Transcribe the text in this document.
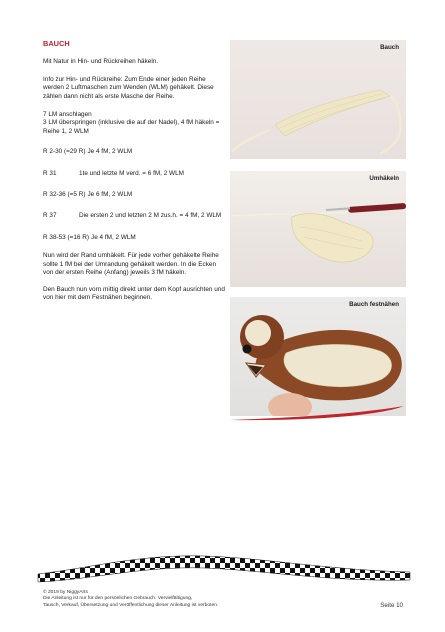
BAUCH
Mit Natur in Hin- und Rückreihen häkeln.
Info zur Hin- und Rückreihe: Zum Ende einer jeden Reihe werden 2 Luftmaschen zum Wenden (WLM) gehäkelt. Diese zählen dann nicht als erste Masche der Reihe.
7 LM anschlagen
3 LM überspringen (inklusive die auf der Nadel), 4 fM häkeln = Reihe 1, 2 WLM
R 2-30 (=29 R) Je 4 fM, 2 WLM
R 31	1te und letzte M verd. = 6 fM, 2 WLM
R 32-36 (=5 R) Je 6 fM, 2 WLM
R 37	Die ersten 2 und letzten 2 M zus.h. = 4 fM, 2 WLM
R 38-53 (=16 R) Je 4 fM, 2 WLM
Nun wird der Rand umhäkelt. Für jede vorher gehäkelte Reihe sollte 1 fM bei der Umrandung gehäkelt werden. In die Ecken von der ersten Reihe (Anfang) jeweils 3 fM häkeln.
Den Bauch nun vorn mittig direkt unter dem Kopf ausrichten und von hier mit dem Festnähen beginnen.
Bauch
Umhäkeln
Bauch festnähen
© 2019 by NiggyArts
Die Anleitung ist nur für den persönlichen Gebrauch. Vervielfältigung,
Tausch, Verkauf, Übersetzung und Veröffentlichung dieser Anleitung ist verboten.	Seite 10
